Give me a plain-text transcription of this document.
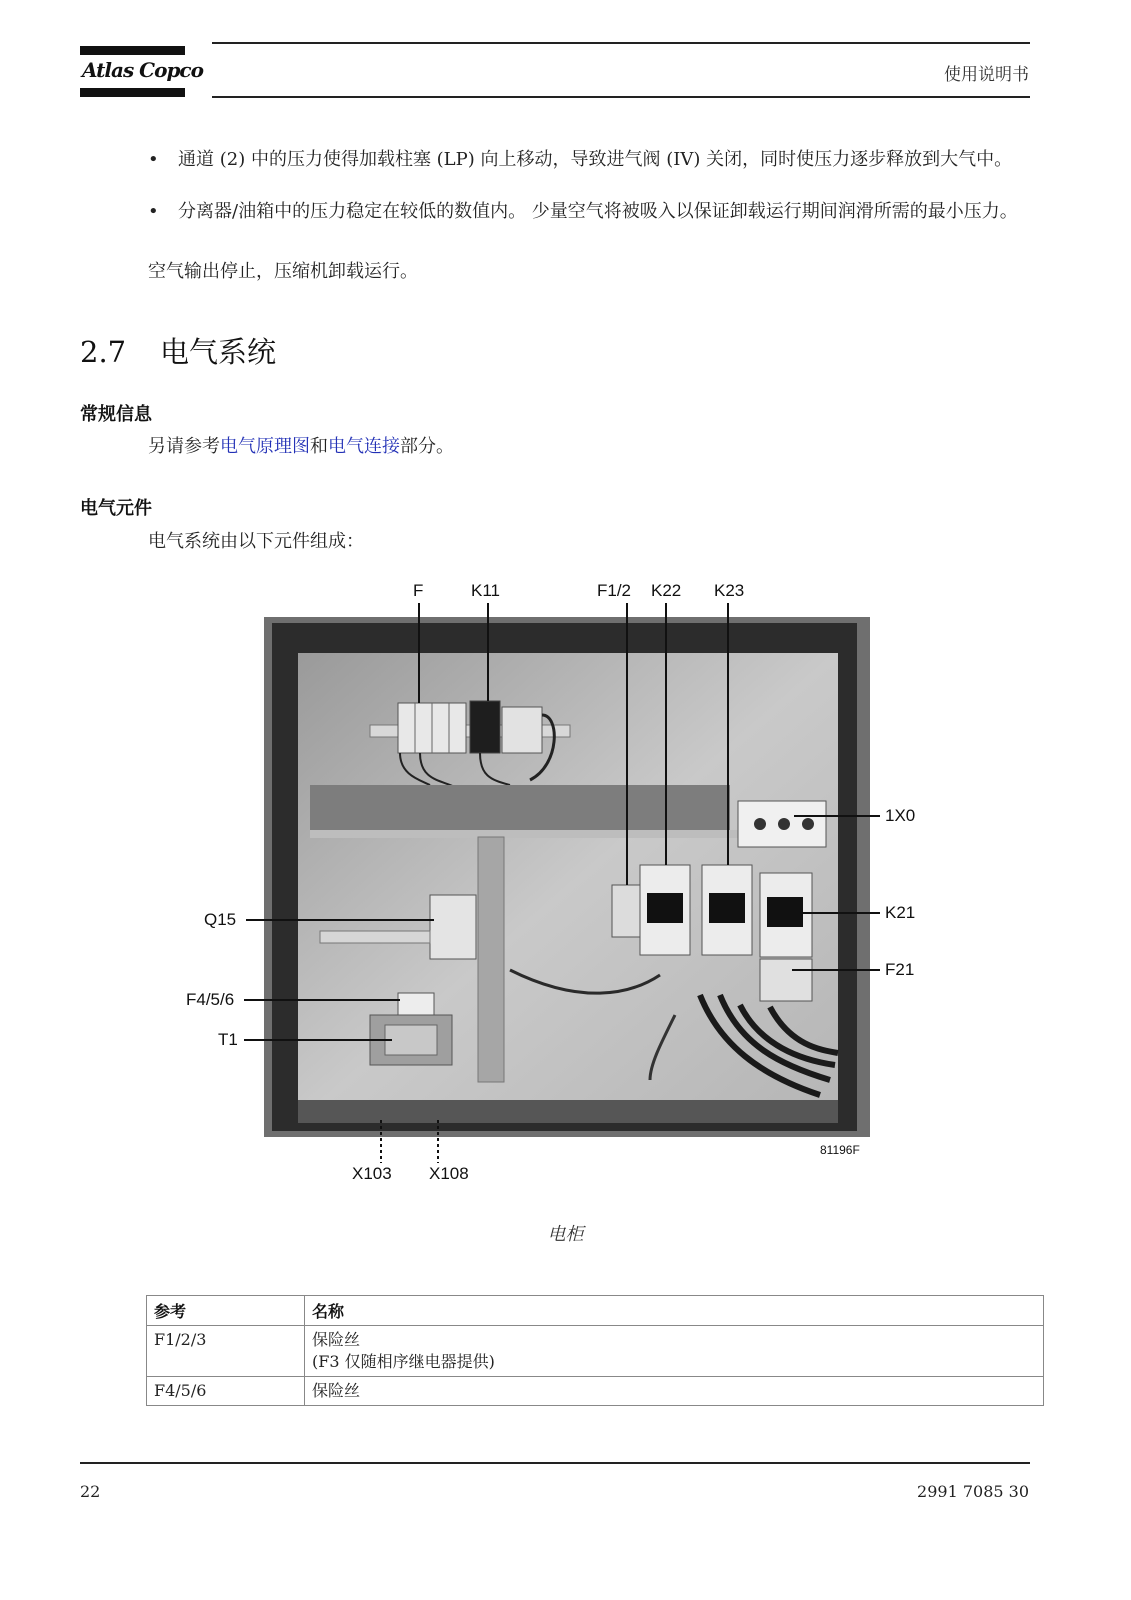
Atlas Copco	使用说明书
• 通道 (2) 中的压力使得加载柱塞 (LP) 向上移动，导致进气阀 (IV) 关闭，同时使压力逐步释放到大气中。
• 分离器/油箱中的压力稳定在较低的数值内。 少量空气将被吸入以保证卸载运行期间润滑所需的最小压力。
空气输出停止，压缩机卸载运行。
2.7 电气系统
常规信息
另请参考电气原理图和电气连接部分。
电气元件
电气系统由以下元件组成：
F	K11	F1/2 K22 K23
1X0
K21
F21
Q15
F4/5/6
T1
X103 X108
81196F
电柜
参考	名称
F1/2/3	保险丝
(F3 仅随相序继电器提供)

F4/5/6	保险丝
22	2991 7085 30
